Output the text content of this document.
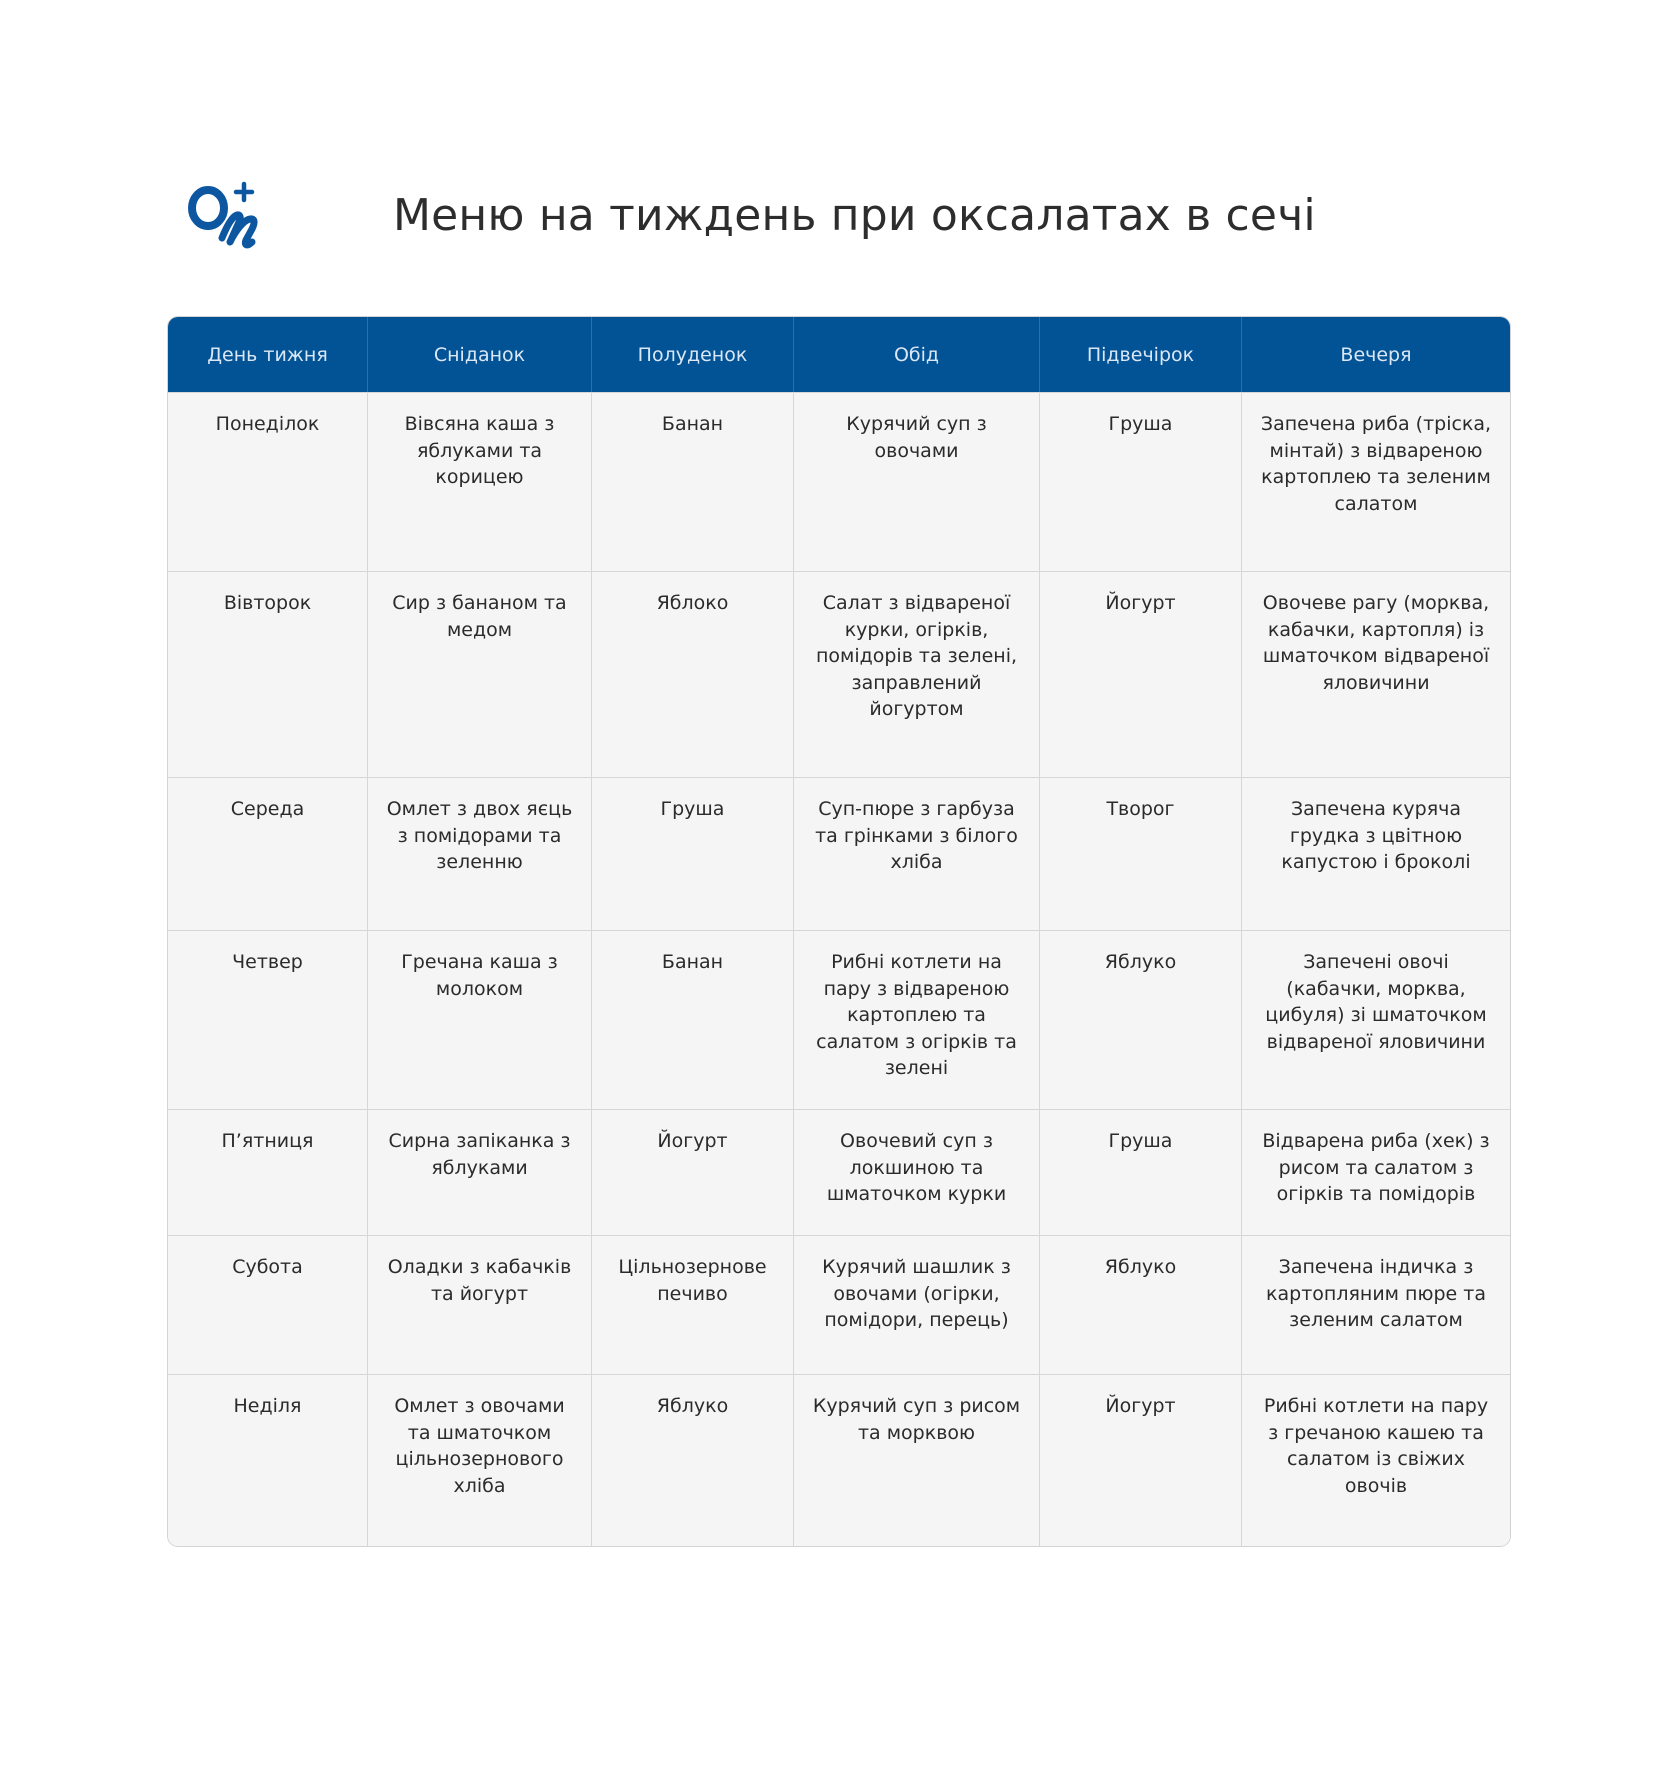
Меню на тиждень при оксалатах в сечі
День тижня	Сніданок	Полуденок	Обід	Підвечірок	Вечеря
Понеділок	Вівсяна каша з яблуками та корицею	Банан	Курячий суп з овочами	Груша	Запечена риба (тріска, мінтай) з відвареною картоплею та зеленим салатом
Вівторок	Сир з бананом та медом	Яблоко	Салат з відвареної курки, огірків, помідорів та зелені, заправлений йогуртом	Йогурт	Овочеве рагу (морква, кабачки, картопля) із шматочком відвареної яловичини
Середа	Омлет з двох яєць з помідорами та зеленню	Груша	Суп-пюре з гарбуза та грінками з білого хліба	Творог	Запечена куряча грудка з цвітною капустою і броколі
Четвер	Гречана каша з молоком	Банан	Рибні котлети на пару з відвареною картоплею та салатом з огірків та зелені	Яблуко	Запечені овочі (кабачки, морква, цибуля) зі шматочком відвареної яловичини
П’ятниця	Сирна запіканка з яблуками	Йогурт	Овочевий суп з локшиною та шматочком курки	Груша	Відварена риба (хек) з рисом та салатом з огірків та помідорів
Субота	Оладки з кабачків та йогурт	Цільнозернове печиво	Курячий шашлик з овочами (огірки, помідори, перець)	Яблуко	Запечена індичка з картопляним пюре та зеленим салатом
Неділя	Омлет з овочами та шматочком цільнозернового хліба	Яблуко	Курячий суп з рисом та морквою	Йогурт	Рибні котлети на пару з гречаною кашею та салатом із свіжих овочів
